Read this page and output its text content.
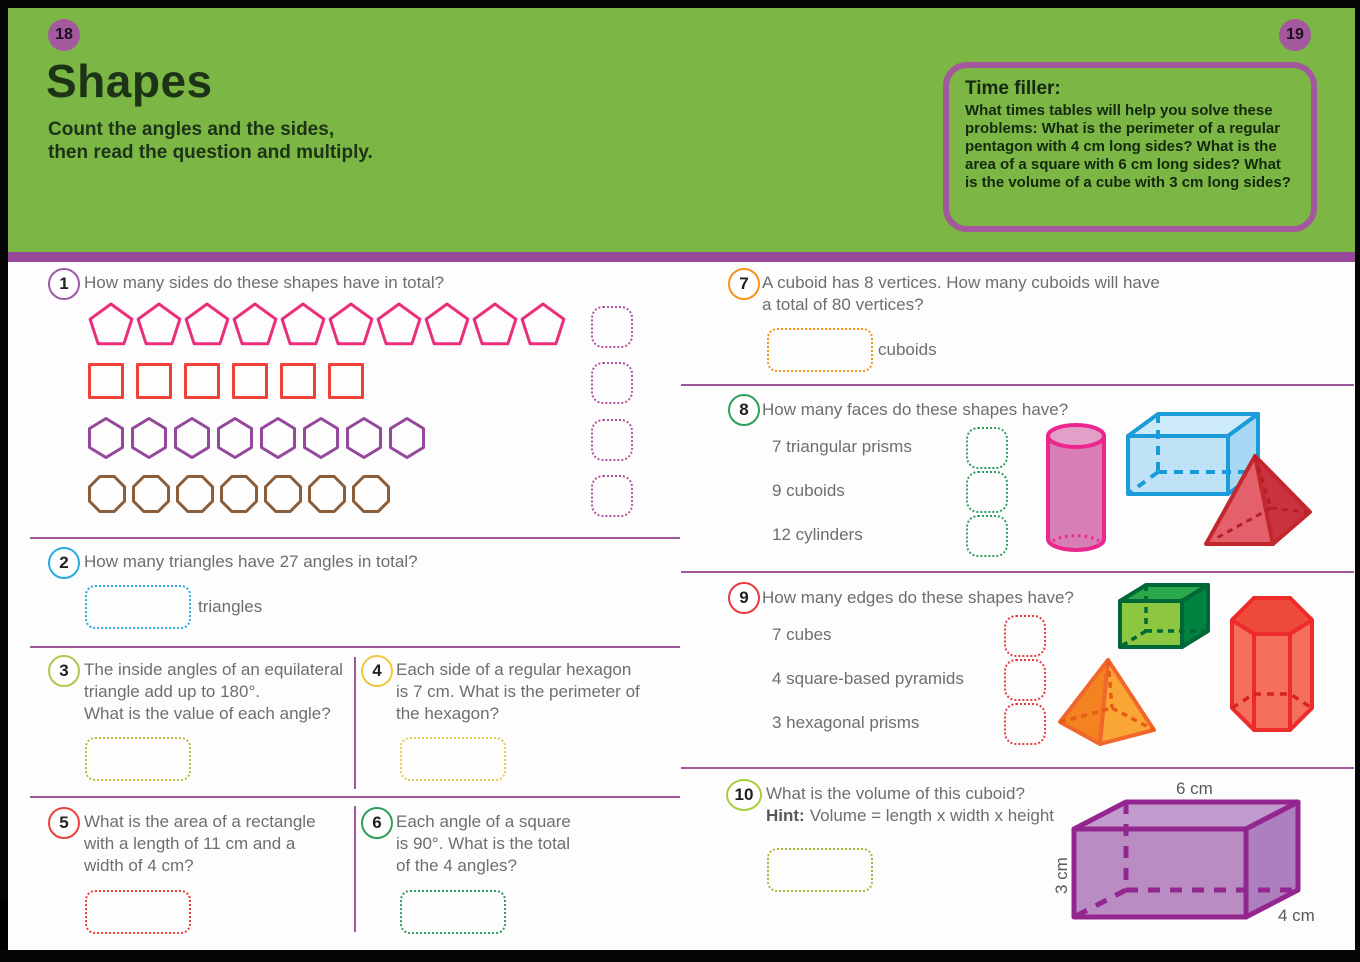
18	19
Shapes
Count the angles and the sides,
then read the question and multiply.
Time filler:
What times tables will help you solve these problems: What is the perimeter of a regular pentagon with 4 cm long sides? What is the area of a square with 6 cm long sides? What is the volume of a cube with 3 cm long sides?
1 How many sides do these shapes have in total?
2 How many triangles have 27 angles in total?
triangles
3 The inside angles of an equilateral
triangle add up to 180°.
What is the value of each angle?
4 Each side of a regular hexagon
is 7 cm. What is the perimeter of
the hexagon?
5 What is the area of a rectangle
with a length of 11 cm and a
width of 4 cm?
6 Each angle of a square
is 90°. What is the total
of the 4 angles?
7 A cuboid has 8 vertices. How many cuboids will have
a total of 80 vertices?
cuboids
8 How many faces do these shapes have?
9 How many edges do these shapes have?
10 What is the volume of this cuboid?
Hint: Volume = length x width x height
6 cm
3 cm
4 cm
7 triangular prisms
9 cuboids
12 cylinders
7 cubes
4 square-based pyramids
3 hexagonal prisms
